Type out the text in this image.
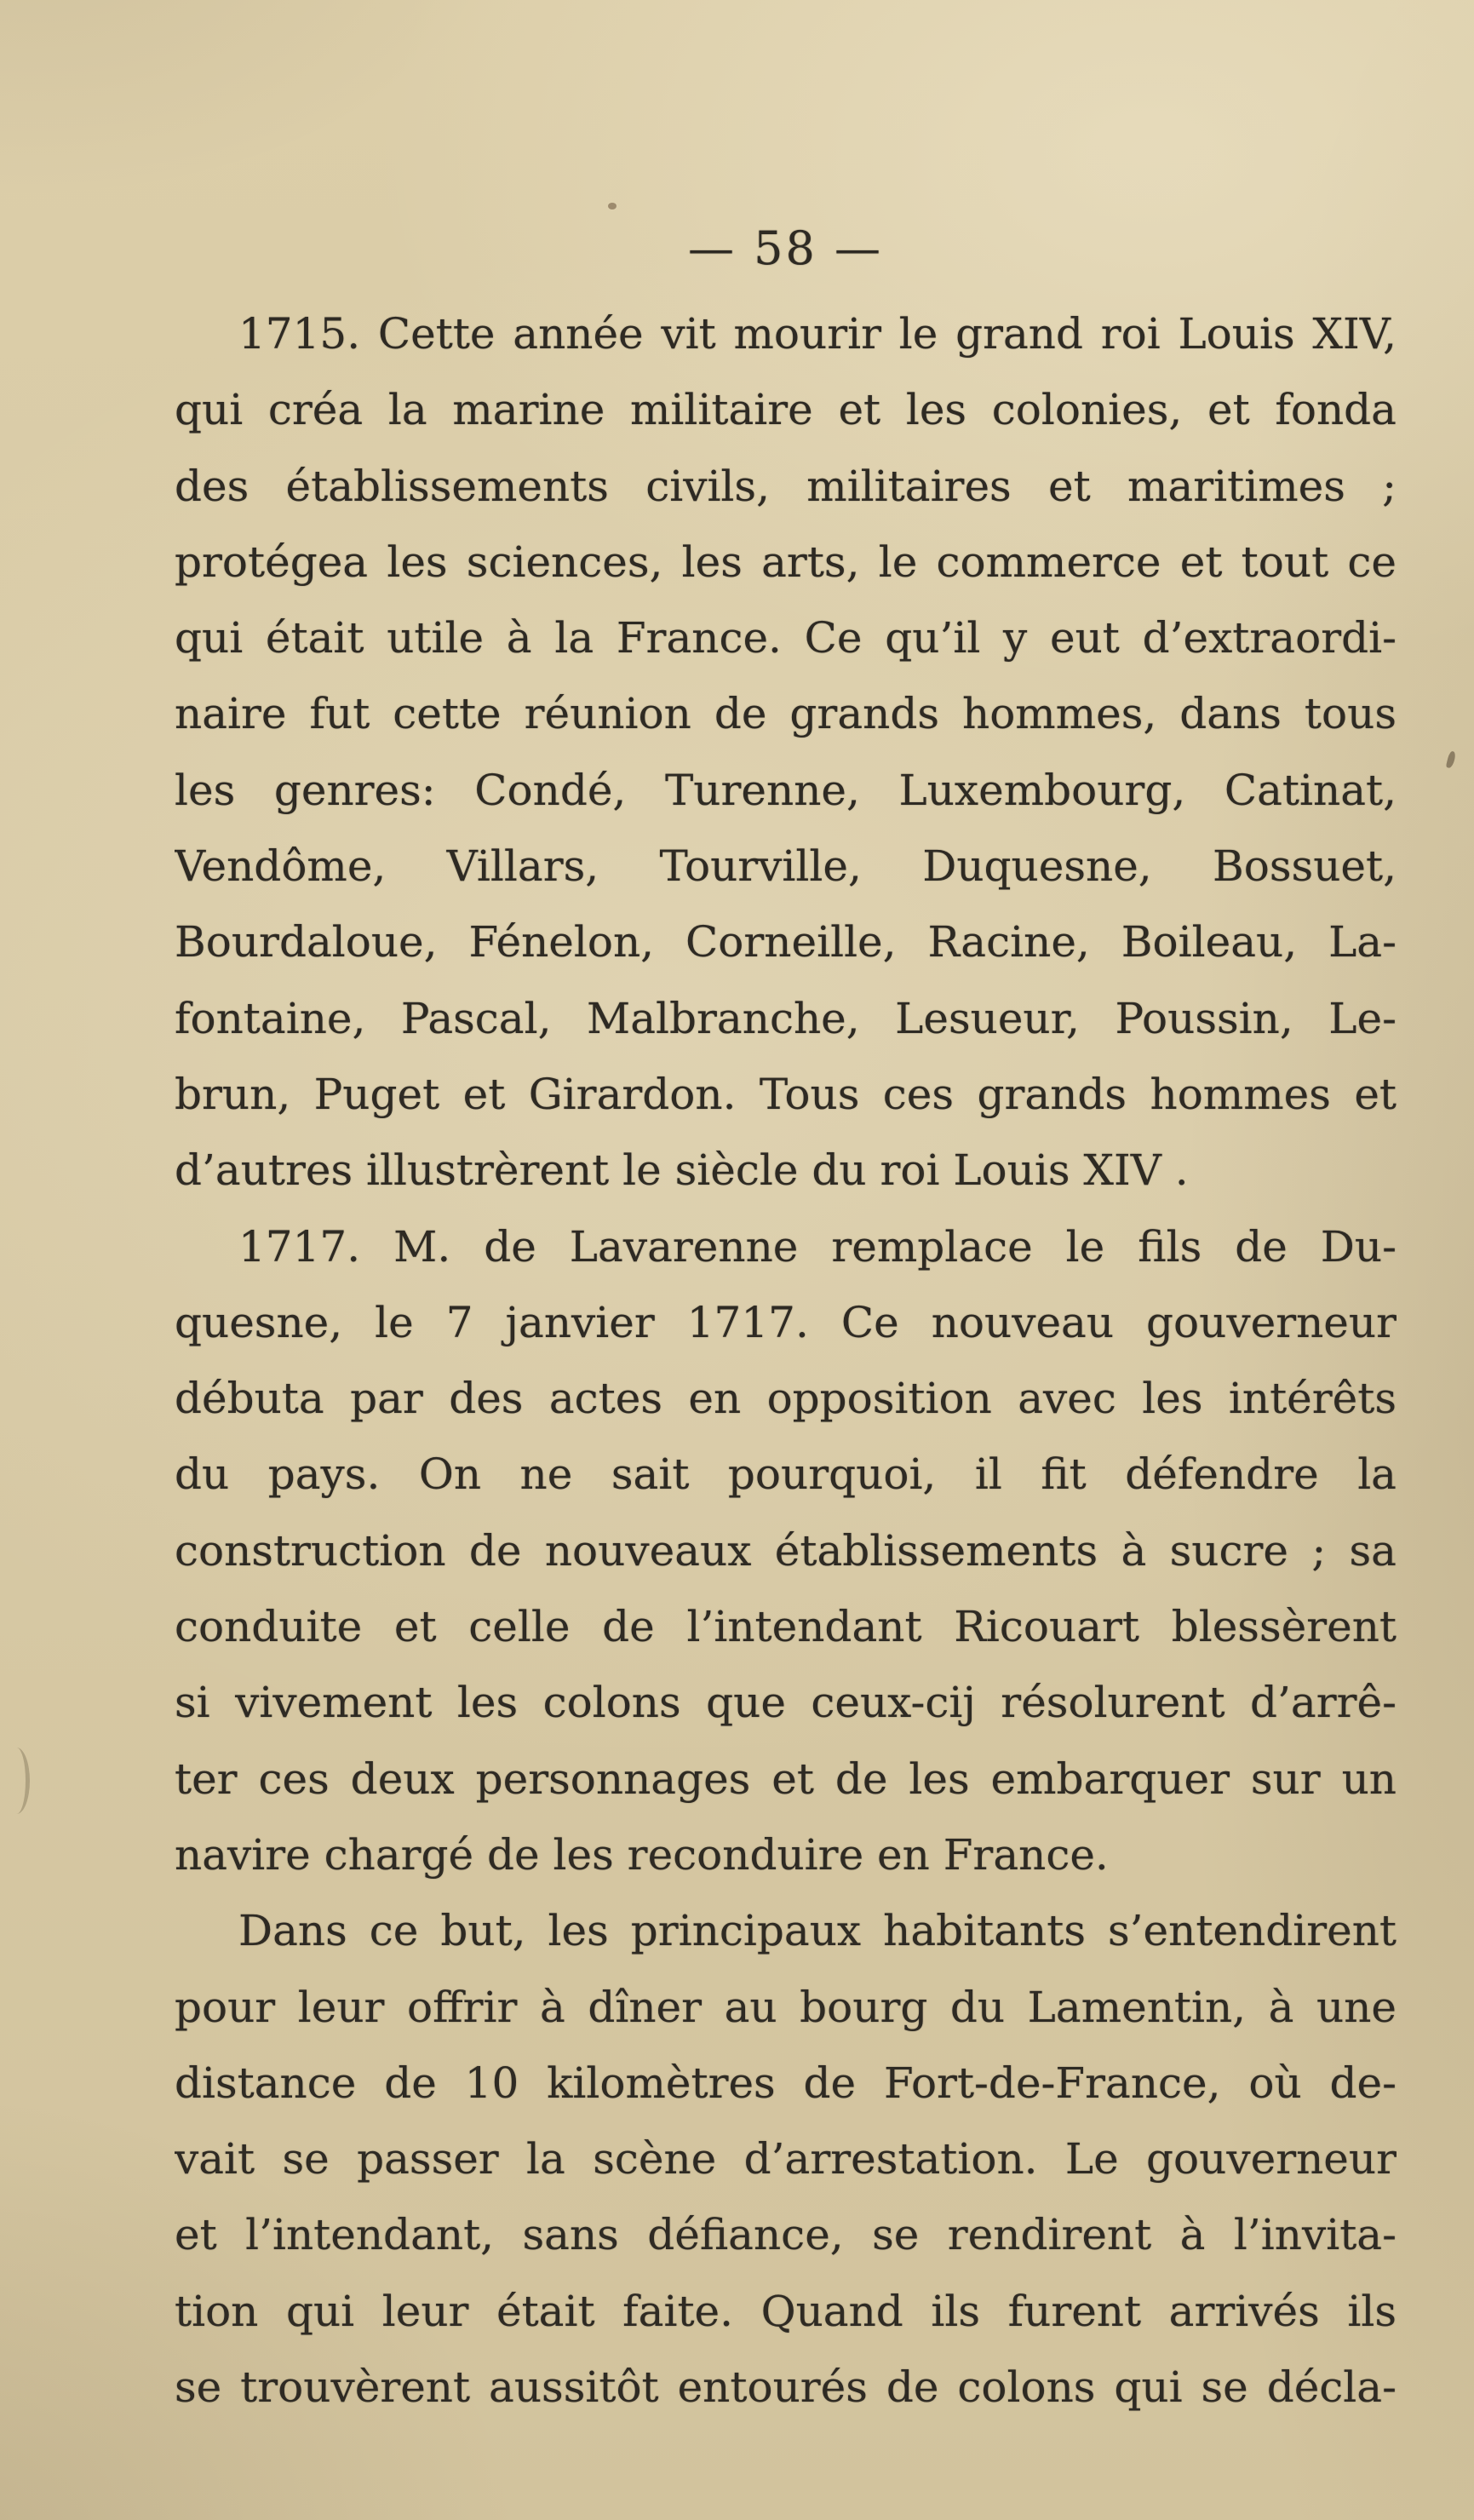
— 58 —
1715. Cette année vit mourir le grand roi Louis XIV,
qui créa la marine militaire et les colonies, et fonda
des établissements civils, militaires et maritimes ;
protégea les sciences, les arts, le commerce et tout ce
qui était utile à la France. Ce qu’il y eut d’extraordi-
naire fut cette réunion de grands hommes, dans tous
les genres: Condé, Turenne, Luxembourg, Catinat,
Vendôme, Villars, Tourville, Duquesne, Bossuet,
Bourdaloue, Fénelon, Corneille, Racine, Boileau, La-
fontaine, Pascal, Malbranche, Lesueur, Poussin, Le-
brun, Puget et Girardon. Tous ces grands hommes et
d’autres illustrèrent le siècle du roi Louis XIV .
1717. M. de Lavarenne remplace le fils de Du-
quesne, le 7 janvier 1717. Ce nouveau gouverneur
débuta par des actes en opposition avec les intérêts
du pays. On ne sait pourquoi, il fit défendre la
construction de nouveaux établissements à sucre ; sa
conduite et celle de l’intendant Ricouart blessèrent
si vivement les colons que ceux-cij résolurent d’arrê-
ter ces deux personnages et de les embarquer sur un
navire chargé de les reconduire en France.
Dans ce but, les principaux habitants s’entendirent
pour leur offrir à dîner au bourg du Lamentin, à une
distance de 10 kilomètres de Fort-de-France, où de-
vait se passer la scène d’arrestation. Le gouverneur
et l’intendant, sans défiance, se rendirent à l’invita-
tion qui leur était faite. Quand ils furent arrivés ils
se trouvèrent aussitôt entourés de colons qui se décla-
